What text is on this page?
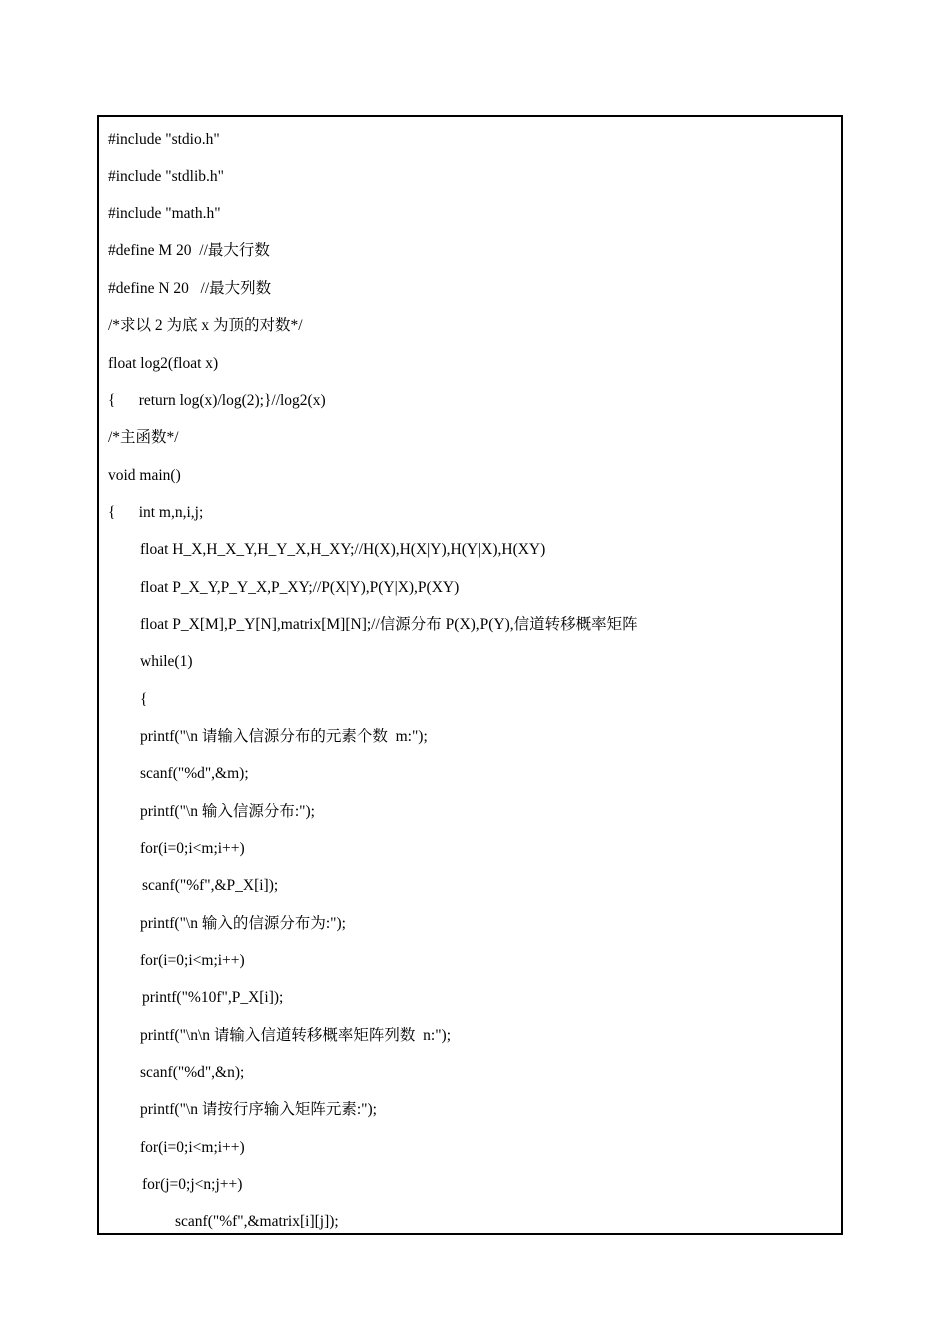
#include "stdio.h"
#include "stdlib.h"
#include "math.h"
#define M 20  //最大行数
#define N 20   //最大列数
/*求以 2 为底 x 为顶的对数*/
float log2(float x)
{      return log(x)/log(2);}//log2(x)
/*主函数*/
void main()
{      int m,n,i,j;
float H_X,H_X_Y,H_Y_X,H_XY;//H(X),H(X|Y),H(Y|X),H(XY)
float P_X_Y,P_Y_X,P_XY;//P(X|Y),P(Y|X),P(XY)
float P_X[M],P_Y[N],matrix[M][N];//信源分布 P(X),P(Y),信道转移概率矩阵
while(1)
{
printf("\n 请输入信源分布的元素个数  m:");
scanf("%d",&m);
printf("\n 输入信源分布:");
for(i=0;i<m;i++)
scanf("%f",&P_X[i]);
printf("\n 输入的信源分布为:");
for(i=0;i<m;i++)
printf("%10f",P_X[i]);
printf("\n\n 请输入信道转移概率矩阵列数  n:");
scanf("%d",&n);
printf("\n 请按行序输入矩阵元素:");
for(i=0;i<m;i++)
for(j=0;j<n;j++)
scanf("%f",&matrix[i][j]);
